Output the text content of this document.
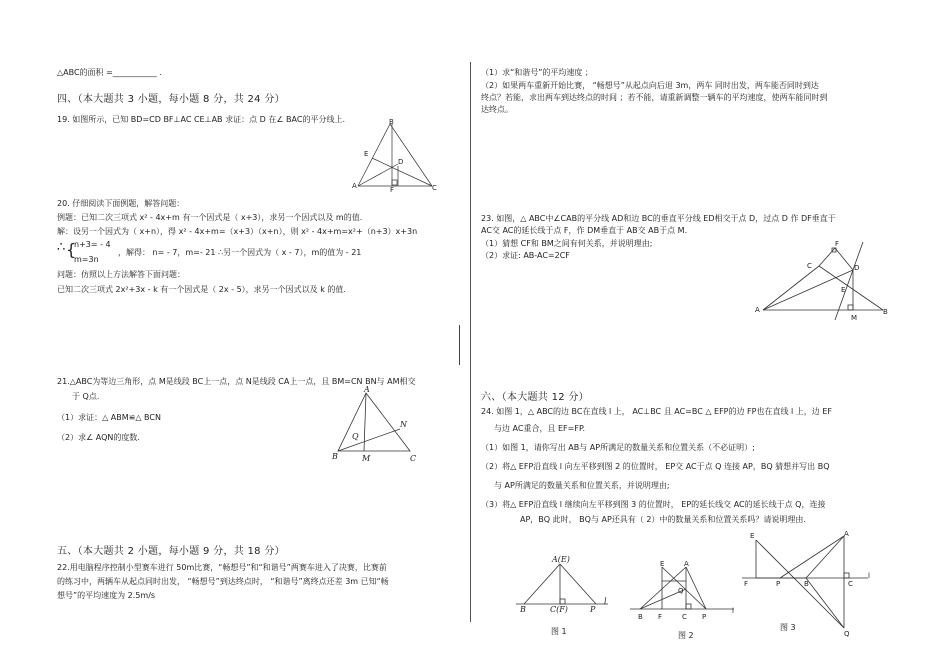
△ABC的面积 =___________ .
四、（本大题共 3 小题，每小题 8 分，共 24 分）
19. 如图所示，已知 BD=CD BF⊥AC CE⊥AB 求证：点 D 在∠ BAC的平分线上.	B
E
D
A	F	C
20. 仔细阅读下面例题，解答问题：
例题：已知二次三项式 x² - 4x+m 有一个因式是（ x+3），求另一个因式以及 m的值.
解：设另一个因式为（ x+n），得 x² - 4x+m=（x+3）（x+n），则 x² - 4x+m=x²+（n+3）x+3n
∴ {
n+3= - 4
m=3n
，解得： n= - 7，m=- 21 ∴另一个因式为（ x - 7），m的值为 - 21
问题：仿照以上方法解答下面问题：
已知二次三项式 2x²+3x - k 有一个因式是（ 2x - 5），求另一个因式以及 k 的值.
21.△ABC为等边三角形，点 M是线段 BC上一点，点 N是线段 CA上一点，且 BM=CN BN与 AM相交
于 Q点.
（1）求证：△ ABM≌△ BCN
（2）求∠ AQN的度数.
A
B	C
M
N
Q
五、（本大题共 2 小题，每小题 9 分，共 18 分）
22.用电脑程序控制小型赛车进行 50m比赛，“畅想号”和“和谐号”两赛车进入了决赛，比赛前
的练习中，两辆车从起点同时出发， “畅想号”到达终点时， “和谐号”离终点还差 3m 已知“畅
想号”的平均速度为 2.5m/s
（1）求“和谐号”的平均速度 ；
（2）如果两车重新开始比赛， “畅想号”从起点向后退 3m，两车 同时出发，两车能否同时到达
终点？若能，求出两车到达终点的时间 ；若不能，请重新调整一辆车的平均速度，使两车能同时到
达终点。
23. 如图，△ ABC中∠CAB的平分线 AD和边 BC的垂直平分线 ED相交于点 D，过点 D 作 DF垂直于
AC交 AC的延长线于点 F，作 DM垂直于 AB交 AB于点 M.
（1）猜想 CF和 BM之间有何关系，并说明理由;
（2）求证: AB-AC=2CF
C
F
D
E
A	B
M
六、（本大题共 12 分）
24. 如图 1，△ ABC的边 BC在直线 l 上， AC⊥BC 且 AC=BC △ EFP的边 FP也在直线 l 上，边 EF
与边 AC重合，且 EF=FP.
（1）如图 1，请你写出 AB与 AP所满足的数量关系和位置关系（不必证明）;
（2）将△ EFP沿直线 l 向左平移到图 2 的位置时， EP交 AC于点 Q 连接 AP，BQ 猜想并写出 BQ
与 AP所满足的数量关系和位置关系，并说明理由;
（3）将△ EFP沿直线 l 继续向左平移到图 3 的位置时， EP的延长线交 AC的延长线于点 Q，连接
AP，BQ 此时， BQ与 AP还具有（ 2）中的数量关系和位置关系吗？请说明理由.
A(E)
B	C(F)	P
l
图 1
E	A
Q
B F	C P
l
图 2
E	A
F	P	B	C
l
Q
图 3
